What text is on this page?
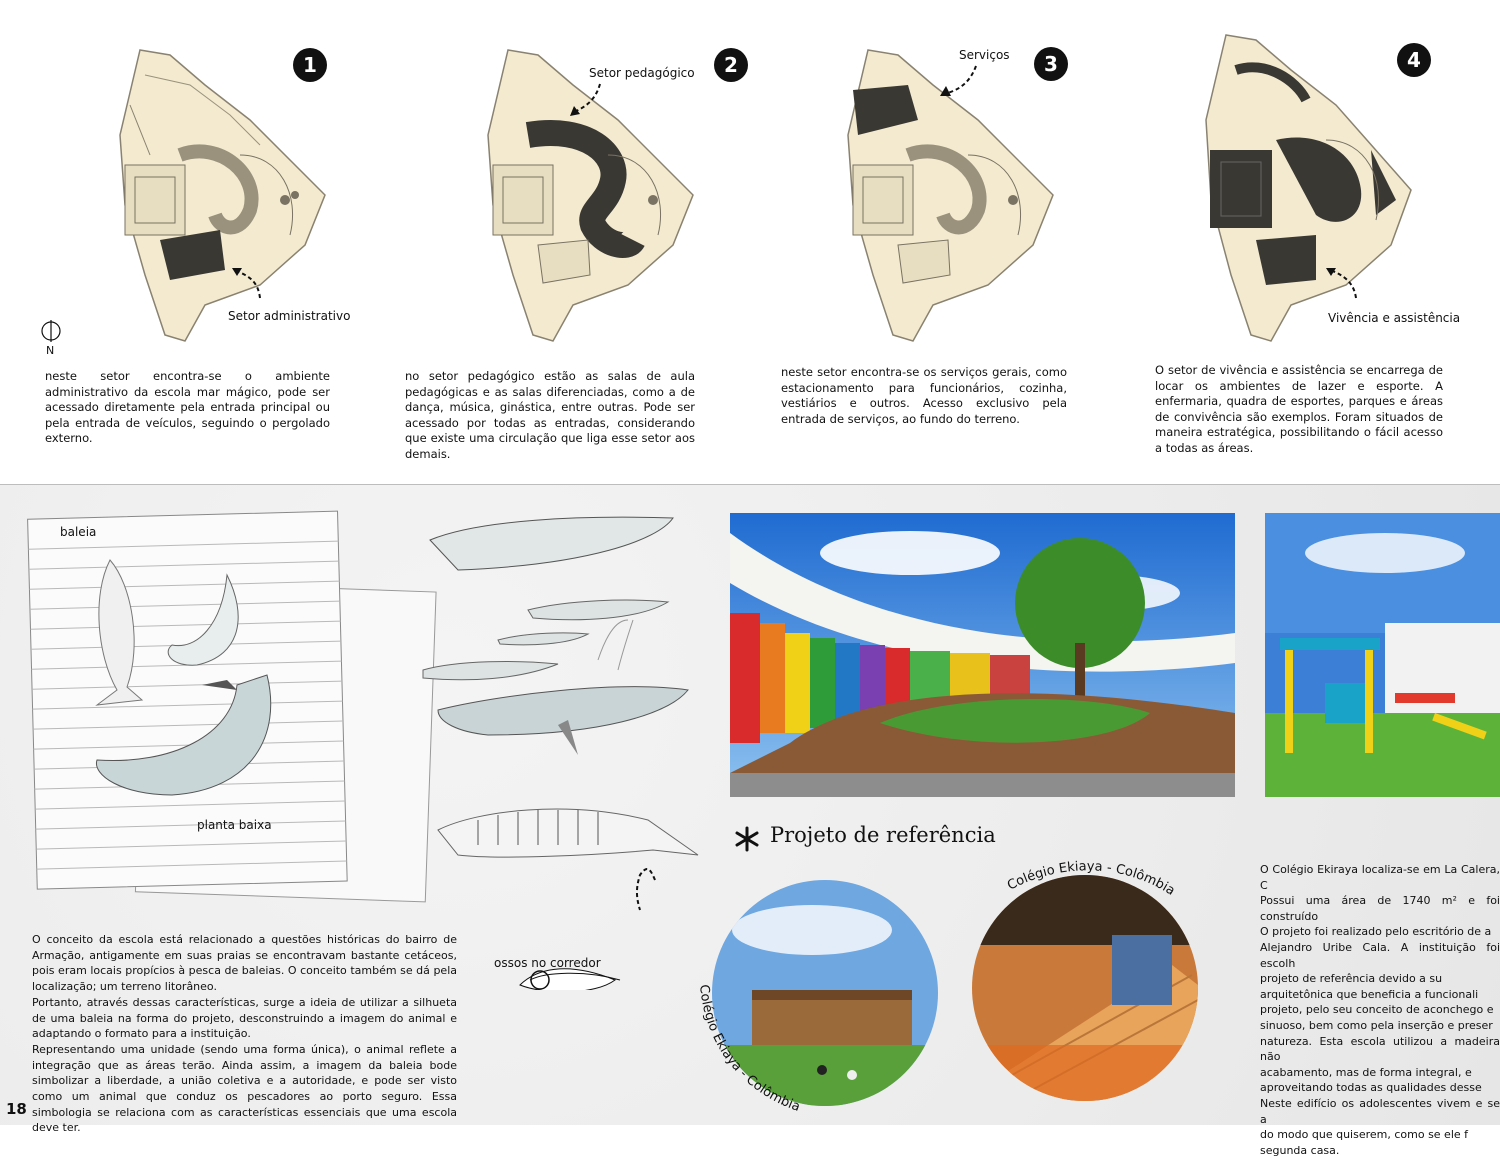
1
Setor administrativo
2
Setor pedagógico	3
Serviços	4
Vivência e assistência
N
neste setor encontra-se o ambiente administrativo da escola mar mágico, pode ser acessado diretamente pela entrada principal ou pela entrada de veículos, seguindo o pergolado externo.
no setor pedagógico estão as salas de aula pedagógicas e as salas diferenciadas, como a de dança, música, ginástica, entre outras. Pode ser acessado por todas as entradas, considerando que existe uma circulação que liga esse setor aos demais.
neste setor encontra-se os serviços gerais, como estacionamento para funcionários, cozinha, vestiários e outros. Acesso exclusivo pela entrada de serviços, ao fundo do terreno.
O setor de vivência e assistência se encarrega de locar os ambientes de lazer e esporte. A enfermaria, quadra de esportes, parques e áreas de convivência são exemplos. Foram situados de maneira estratégica, possibilitando o fácil acesso a todas as áreas.
baleia
planta baixa
ossos no corredor

O conceito da escola está relacionado a questões históricas do bairro de Armação, antigamente em suas praias se encontravam bastante cetáceos, pois eram locais propícios à pesca de baleias. O conceito também se dá pela localização; um terreno litorâneo.

Portanto, através dessas características, surge a ideia de utilizar a silhueta de uma baleia na forma do projeto, desconstruindo a imagem do animal e adaptando o formato para a instituição.

Representando uma unidade (sendo uma forma única), o animal reflete a integração que as áreas terão. Ainda assim, a imagem da baleia bode simbolizar a liberdade, a união coletiva e a autoridade, e pode ser visto como um animal que conduz os pescadores ao porto seguro. Essa simbologia se relaciona com as características essenciais que uma escola deve ter.

18
Projeto de referência
Colégio Ekiaya - Colômbia
Colégio Ekiaya - Colômbia
O Colégio Ekiraya localiza-se em La Calera, C
Possui uma área de 1740 m² e foi construído
O projeto foi realizado pelo escritório de a
Alejandro Uribe Cala. A instituição foi escolh
projeto de referência devido a su
arquitetônica que beneficia a funcionali
projeto, pelo seu conceito de aconchego e
sinuoso, bem como pela inserção e preser
natureza. Esta escola utilizou a madeira não
acabamento, mas de forma integral, e
aproveitando todas as qualidades desse
Neste edifício os adolescentes vivem e se a
do modo que quiserem, como se ele f
segunda casa.
